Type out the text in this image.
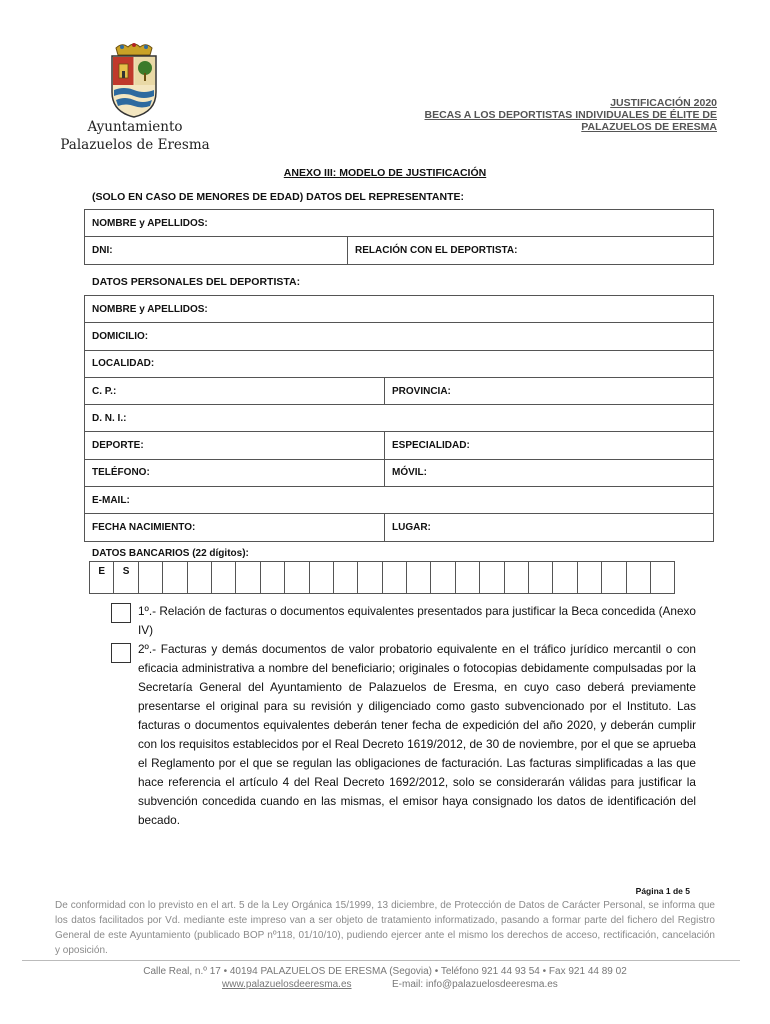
Ayuntamiento
Palazuelos de Eresma
JUSTIFICACIÓN 2020
BECAS A LOS DEPORTISTAS INDIVIDUALES DE ÉLITE DE
PALAZUELOS DE ERESMA
ANEXO III: MODELO DE JUSTIFICACIÓN
(SOLO EN CASO DE MENORES DE EDAD) DATOS DEL REPRESENTANTE:
NOMBRE y APELLIDOS:
DNI:	RELACIÓN CON EL DEPORTISTA:
DATOS PERSONALES DEL DEPORTISTA:
NOMBRE y APELLIDOS:	
DOMICILIO:	
LOCALIDAD:	
C. P.:	PROVINCIA:
D. N. I.:	
DEPORTE:	ESPECIALIDAD:
TELÉFONO:	MÓVIL:
E-MAIL:	
FECHA NACIMIENTO:	LUGAR:
DATOS BANCARIOS (22 dígitos):
E	S

1º.- Relación de facturas o documentos equivalentes presentados para justificar la Beca concedida (Anexo IV)
2º.- Facturas y demás documentos de valor probatorio equivalente en el tráfico jurídico mercantil o con eficacia administrativa a nombre del beneficiario; originales o fotocopias debidamente compulsadas por la Secretaría General del Ayuntamiento de Palazuelos de Eresma, en cuyo caso deberá previamente presentarse el original para su revisión y diligenciado como gasto subvencionado por el Instituto. Las facturas o documentos equivalentes deberán tener fecha de expedición del año 2020, y deberán cumplir con los requisitos establecidos por el Real Decreto 1619/2012, de 30 de noviembre, por el que se aprueba el Reglamento por el que se regulan las obligaciones de facturación. Las facturas simplificadas a las que hace referencia el artículo 4 del Real Decreto 1692/2012, solo se considerarán válidas para justificar la subvención concedida cuando en las mismas, el emisor haya consignado los datos de identificación del becado.
Página 1 de 5
De conformidad con lo previsto en el art. 5 de la Ley Orgánica 15/1999, 13 diciembre, de Protección de Datos de Carácter Personal, se informa que los datos facilitados por Vd. mediante este impreso van a ser objeto de tratamiento informatizado, pasando a formar parte del fichero del Registro General de este Ayuntamiento (publicado BOP nº118, 01/10/10), pudiendo ejercer ante el mismo los derechos de acceso, rectificación, cancelación y oposición.
Calle Real, n.º 17 • 40194 PALAZUELOS DE ERESMA (Segovia) • Teléfono 921 44 93 54 • Fax 921 44 89 02
www.palazuelosdeeresma.es	E-mail: info@palazuelosdeeresma.es
